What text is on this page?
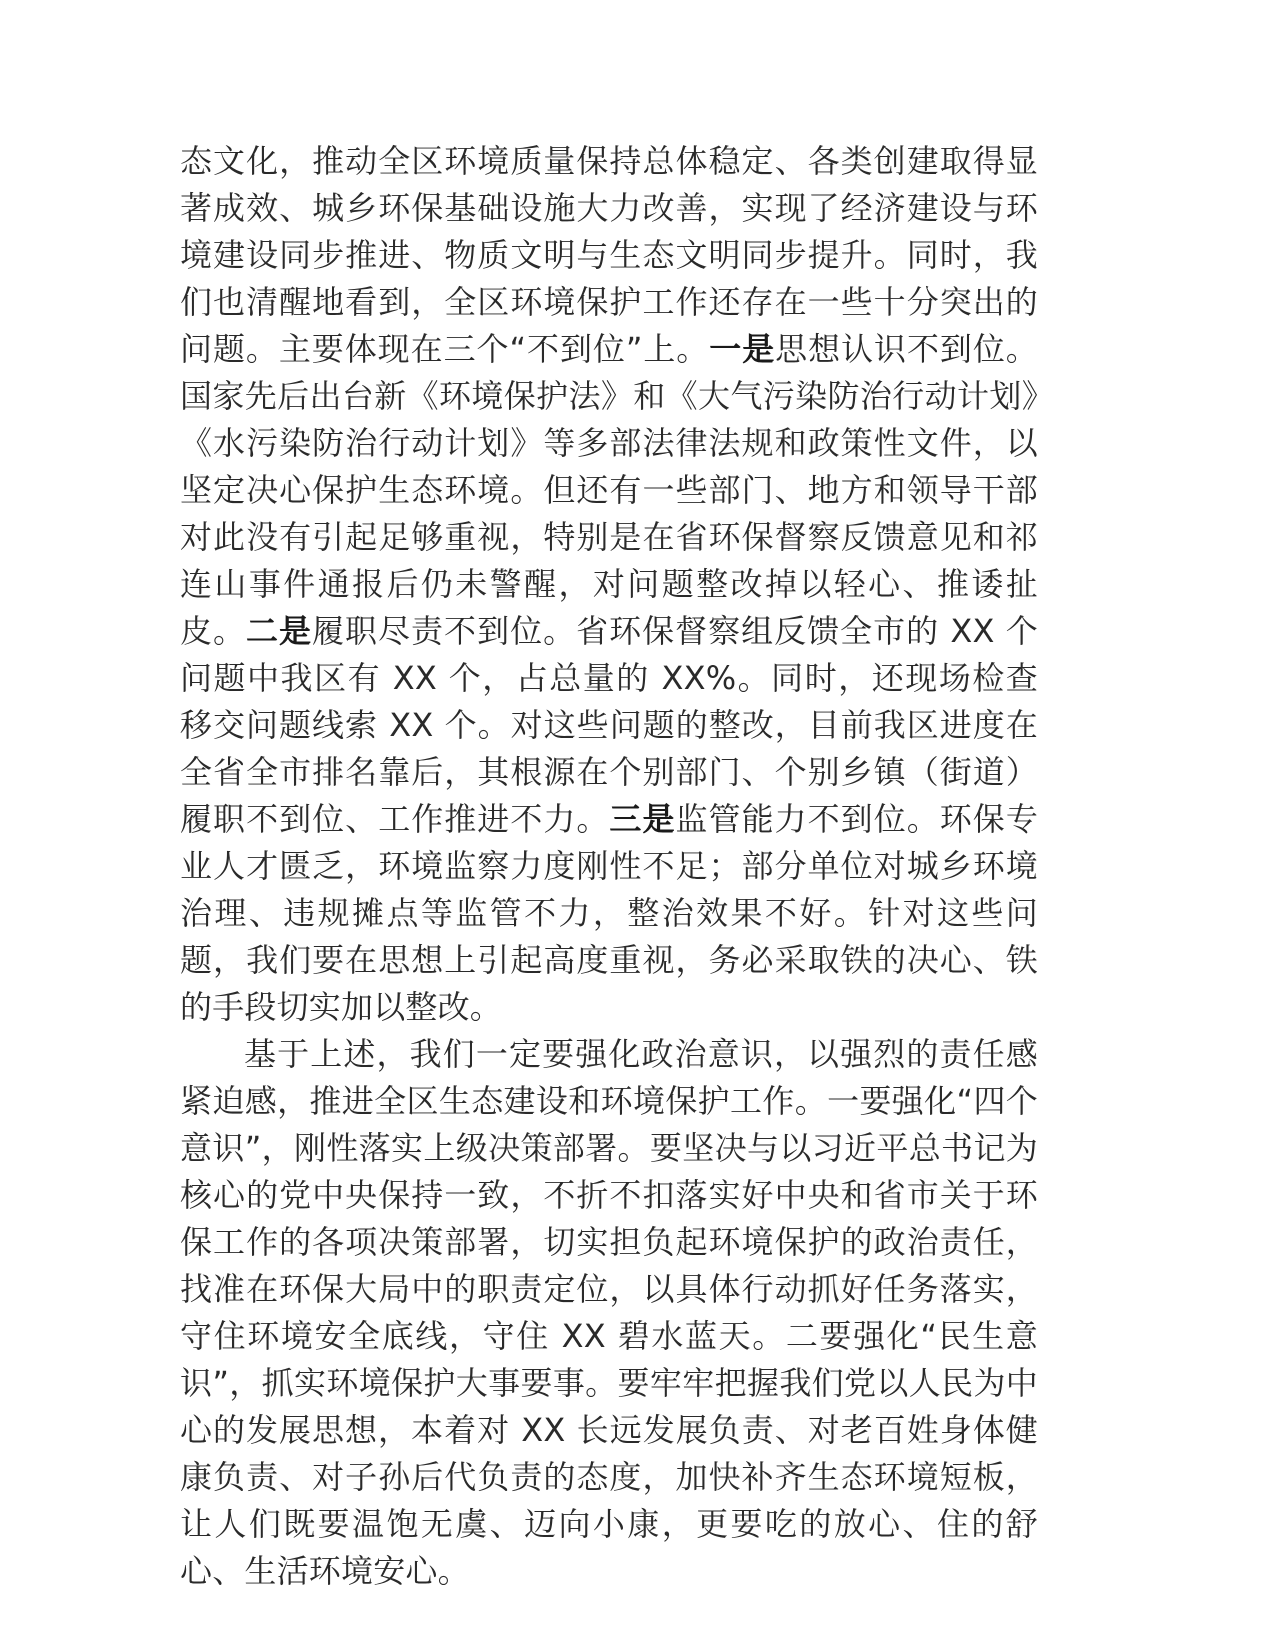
态文化，推动全区环境质量保持总体稳定、各类创建取得显著成效、城乡环保基础设施大力改善，实现了经济建设与环境建设同步推进、物质文明与生态文明同步提升。同时，我们也清醒地看到，全区环境保护工作还存在一些十分突出的问题。主要体现在三个“不到位”上。一是思想认识不到位。国家先后出台新《环境保护法》和《大气污染防治行动计划》《水污染防治行动计划》等多部法律法规和政策性文件，以坚定决心保护生态环境。但还有一些部门、地方和领导干部对此没有引起足够重视，特别是在省环保督察反馈意见和祁连山事件通报后仍未警醒，对问题整改掉以轻心、推诿扯皮。二是履职尽责不到位。省环保督察组反馈全市的 XX 个问题中我区有 XX 个，占总量的 XX%。同时，还现场检查移交问题线索 XX 个。对这些问题的整改，目前我区进度在全省全市排名靠后，其根源在个别部门、个别乡镇（街道）履职不到位、工作推进不力。三是监管能力不到位。环保专业人才匮乏，环境监察力度刚性不足；部分单位对城乡环境治理、违规摊点等监管不力，整治效果不好。针对这些问题，我们要在思想上引起高度重视，务必采取铁的决心、铁的手段切实加以整改。

基于上述，我们一定要强化政治意识，以强烈的责任感紧迫感，推进全区生态建设和环境保护工作。一要强化“四个意识”，刚性落实上级决策部署。要坚决与以习近平总书记为核心的党中央保持一致，不折不扣落实好中央和省市关于环保工作的各项决策部署，切实担负起环境保护的政治责任，找准在环保大局中的职责定位，以具体行动抓好任务落实，守住环境安全底线，守住 XX 碧水蓝天。二要强化“民生意识”，抓实环境保护大事要事。要牢牢把握我们党以人民为中心的发展思想，本着对 XX 长远发展负责、对老百姓身体健康负责、对子孙后代负责的态度，加快补齐生态环境短板，让人们既要温饱无虞、迈向小康，更要吃的放心、住的舒心、生活环境安心。
